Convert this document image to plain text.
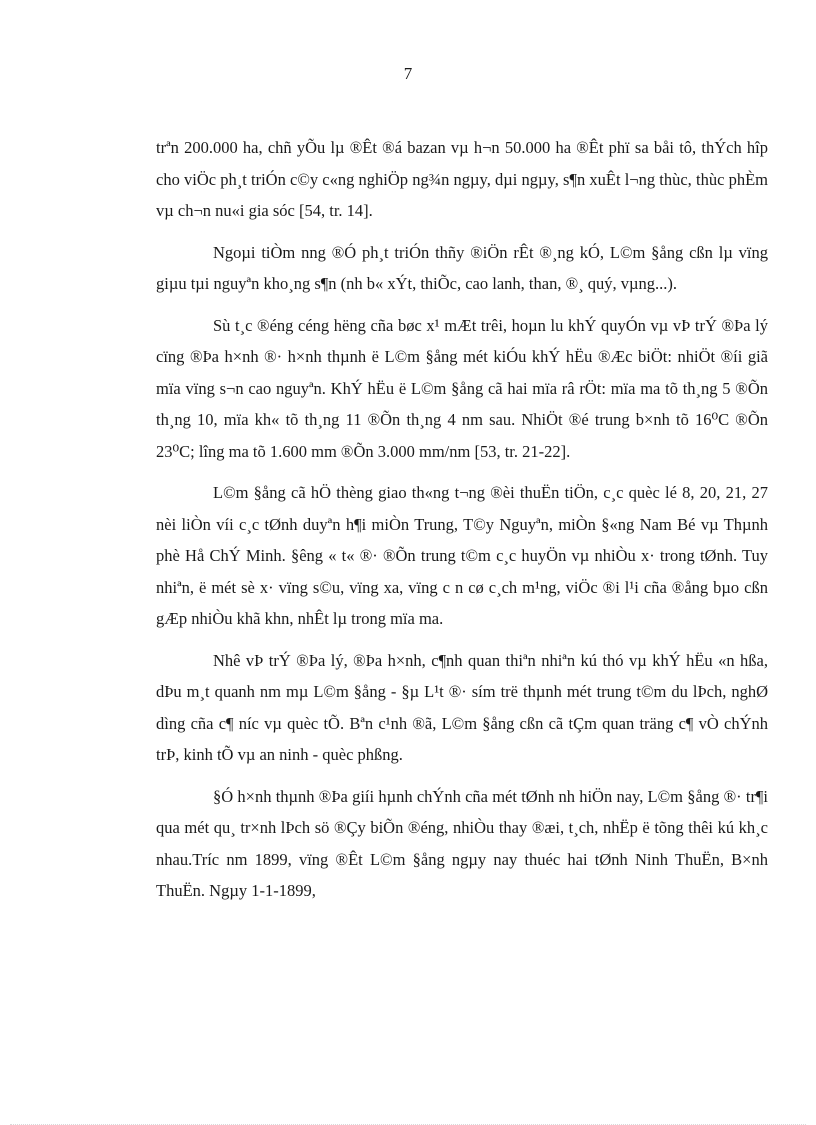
7

trªn 200.000 ha, chñ yÕu lµ ®Êt ®á bazan vµ h¬n 50.000 ha ®Êt phï sa båi tô, thÝch hîp cho viÖc ph¸t triÓn c©y c«ng nghiÖp ng¾n ngµy, dµi ngµy, s¶n xuÊt l¬ng thùc, thùc phÈm vµ ch¬n nu«i gia sóc [54, tr. 14].

Ngoµi tiÒm nng ®Ó ph¸t triÓn thñy ®iÖn rÊt ®¸ng kÓ, L©m §ång cßn lµ vïng giµu tµi nguyªn kho¸ng s¶n (nh b« xÝt, thiÕc, cao lanh, than, ®¸ quý, vµng...).

Sù t¸c ®éng céng hëng cña bøc x¹ mÆt trêi, hoµn lu khÝ quyÓn vµ vÞ trÝ ®Þa lý cïng ®Þa h×nh ®· h×nh thµnh ë L©m §ång mét kiÓu khÝ hËu ®Æc biÖt: nhiÖt ®íi giã mïa vïng s¬n cao nguyªn. KhÝ hËu ë L©m §ång cã hai mïa râ rÖt: mïa ma tõ th¸ng 5 ®Õn th¸ng 10, mïa kh« tõ th¸ng 11 ®Õn th¸ng 4 nm sau. NhiÖt ®é trung b×nh tõ 16⁰C ®Õn 23⁰C; lîng ma tõ 1.600 mm ®Õn 3.000 mm/nm [53, tr. 21-22].

L©m §ång cã hÖ thèng giao th«ng t¬ng ®èi thuËn tiÖn, c¸c quèc lé 8, 20, 21, 27 nèi liÒn víi c¸c tØnh duyªn h¶i miÒn Trung, T©y Nguyªn, miÒn §«ng Nam Bé vµ Thµnh phè Hå ChÝ Minh. §êng « t« ®· ®Õn trung t©m c¸c huyÖn vµ nhiÒu x· trong tØnh. Tuy nhiªn, ë mét sè x· vïng s©u, vïng xa, vïng c n cø c¸ch m¹ng, viÖc ®i l¹i cña ®ång bµo cßn gÆp nhiÒu khã khn, nhÊt lµ trong mïa ma.

Nhê vÞ trÝ ®Þa lý, ®Þa h×nh, c¶nh quan thiªn nhiªn kú thó vµ khÝ hËu «n hßa, dÞu m¸t quanh nm mµ L©m §ång - §µ L¹t ®· sím trë thµnh mét trung t©m du lÞch, nghØ dìng cña c¶ níc vµ quèc tÕ. Bªn c¹nh ®ã, L©m §ång cßn cã tÇm quan träng c¶ vÒ chÝnh trÞ, kinh tÕ vµ an ninh - quèc phßng.

§Ó h×nh thµnh ®Þa giíi hµnh chÝnh cña mét tØnh nh hiÖn nay, L©m §ång ®· tr¶i qua mét qu¸ tr×nh lÞch sö ®Çy biÕn ®éng, nhiÒu thay ®æi, t¸ch, nhËp ë tõng thêi kú kh¸c nhau.Tríc nm 1899, vïng ®Êt L©m §ång ngµy nay thuéc hai tØnh Ninh ThuËn, B×nh ThuËn. Ngµy 1-1-1899,
